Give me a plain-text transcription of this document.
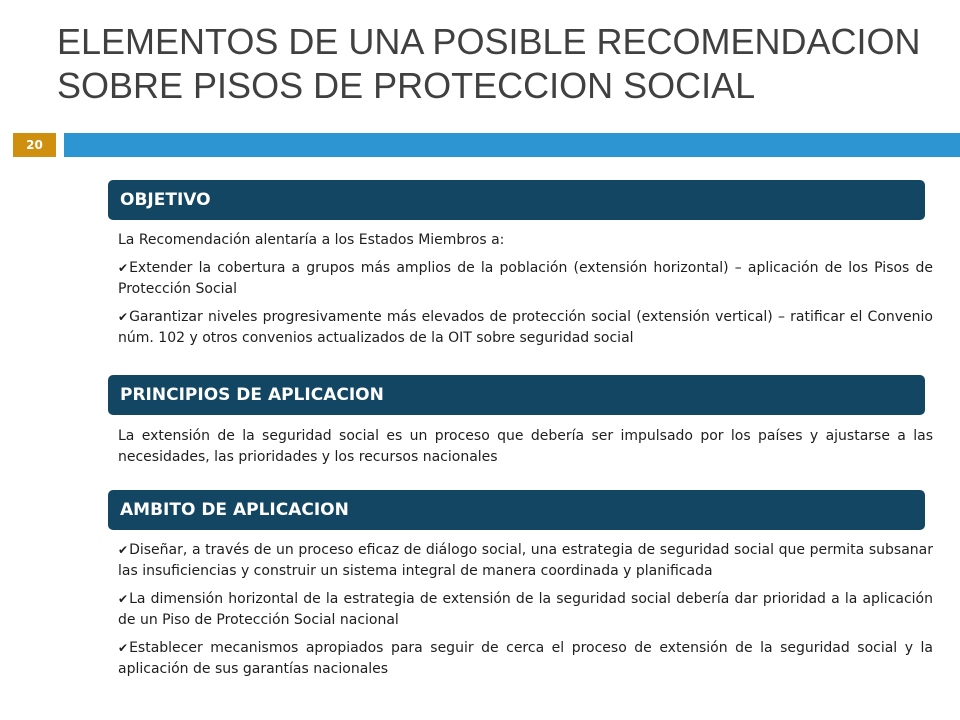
ELEMENTOS DE UNA POSIBLE RECOMENDACION
SOBRE PISOS DE PROTECCION SOCIAL
20
OBJETIVO

La Recomendación alentaría a los Estados Miembros a:

✔Extender la cobertura a grupos más amplios de la población (extensión horizontal) – aplicación de los Pisos de Protección Social

✔Garantizar niveles progresivamente más elevados de protección social (extensión vertical) – ratificar el Convenio núm. 102 y otros convenios actualizados de la OIT sobre seguridad social

PRINCIPIOS DE APLICACION

La extensión de la seguridad social es un proceso que debería ser impulsado por los países y ajustarse a las necesidades, las prioridades y los recursos nacionales

AMBITO DE APLICACION

✔Diseñar, a través de un proceso eficaz de diálogo social, una estrategia de seguridad social que permita subsanar las insuficiencias y construir un sistema integral de manera coordinada y planificada

✔La dimensión horizontal de la estrategia de extensión de la seguridad social debería dar prioridad a la aplicación de un Piso de Protección Social nacional

✔Establecer mecanismos apropiados para seguir de cerca el proceso de extensión de la seguridad social y la aplicación de sus garantías nacionales
